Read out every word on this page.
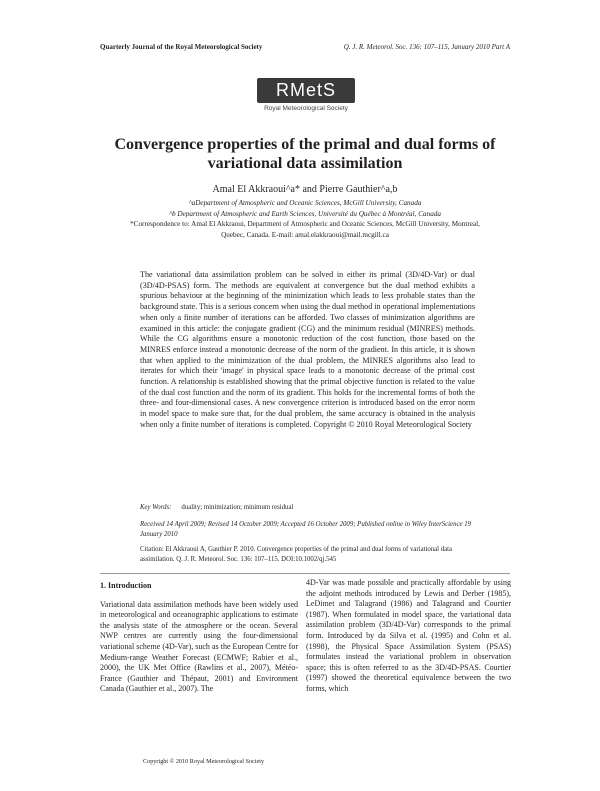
Quarterly Journal of the Royal Meteorological Society	Q. J. R. Meteorol. Soc. 136: 107–115, January 2010 Part A
RMetS
Royal Meteorological Society
Convergence properties of the primal and dual forms of
variational data assimilation
Amal El Akkraoui^a* and Pierre Gauthier^a,b
^aDepartment of Atmospheric and Oceanic Sciences, McGill University, Canada
^b Department of Atmospheric and Earth Sciences, Université du Québec à Montréal, Canada
*Correspondence to: Amal El Akkraoui, Department of Atmospheric and Oceanic Sciences, McGill University, Montreal,
Quebec, Canada. E-mail: amal.elakkraoui@mail.mcgill.ca
The variational data assimilation problem can be solved in either its primal (3D/4D-Var) or dual (3D/4D-PSAS) form. The methods are equivalent at convergence but the dual method exhibits a spurious behaviour at the beginning of the minimization which leads to less probable states than the background state. This is a serious concern when using the dual method in operational implementations when only a finite number of iterations can be afforded. Two classes of minimization algorithms are examined in this article: the conjugate gradient (CG) and the minimum residual (MINRES) methods. While the CG algorithms ensure a monotonic reduction of the cost function, those based on the MINRES enforce instead a monotonic decrease of the norm of the gradient. In this article, it is shown that when applied to the minimization of the dual problem, the MINRES algorithms also lead to iterates for which their 'image' in physical space leads to a monotonic decrease of the primal cost function. A relationship is established showing that the primal objective function is related to the value of the dual cost function and the norm of its gradient. This holds for the incremental forms of both the three- and four-dimensional cases. A new convergence criterion is introduced based on the error norm in model space to make sure that, for the dual problem, the same accuracy is obtained in the analysis when only a finite number of iterations is completed. Copyright © 2010 Royal Meteorological Society
Key Words: duality; minimization; minimum residual
Received 14 April 2009; Revised 14 October 2009; Accepted 16 October 2009; Published online in Wiley InterScience 19 January 2010
Citation: El Akkraoui A, Gauthier P. 2010. Convergence properties of the primal and dual forms of variational data assimilation. Q. J. R. Meteorol. Soc. 136: 107–115. DOI:10.1002/qj.545
1. Introduction
Variational data assimilation methods have been widely used in meteorological and oceanographic applications to estimate the analysis state of the atmosphere or the ocean. Several NWP centres are currently using the four-dimensional variational scheme (4D-Var), such as the European Centre for Medium-range Weather Forecast (ECMWF; Rabier et al., 2000), the UK Met Office (Rawlins et al., 2007), Météo-France (Gauthier and Thépaut, 2001) and Environment Canada (Gauthier et al., 2007). The
4D-Var was made possible and practically affordable by using the adjoint methods introduced by Lewis and Derber (1985), LeDimet and Talagrand (1986) and Talagrand and Courtier (1987). When formulated in model space, the variational data assimilation problem (3D/4D-Var) corresponds to the primal form. Introduced by da Silva et al. (1995) and Cohn et al. (1998), the Physical Space Assimilation System (PSAS) formulates instead the variational problem in observation space; this is often referred to as the 3D/4D-PSAS. Courtier (1997) showed the theoretical equivalence between the two forms, which
Copyright © 2010 Royal Meteorological Society
